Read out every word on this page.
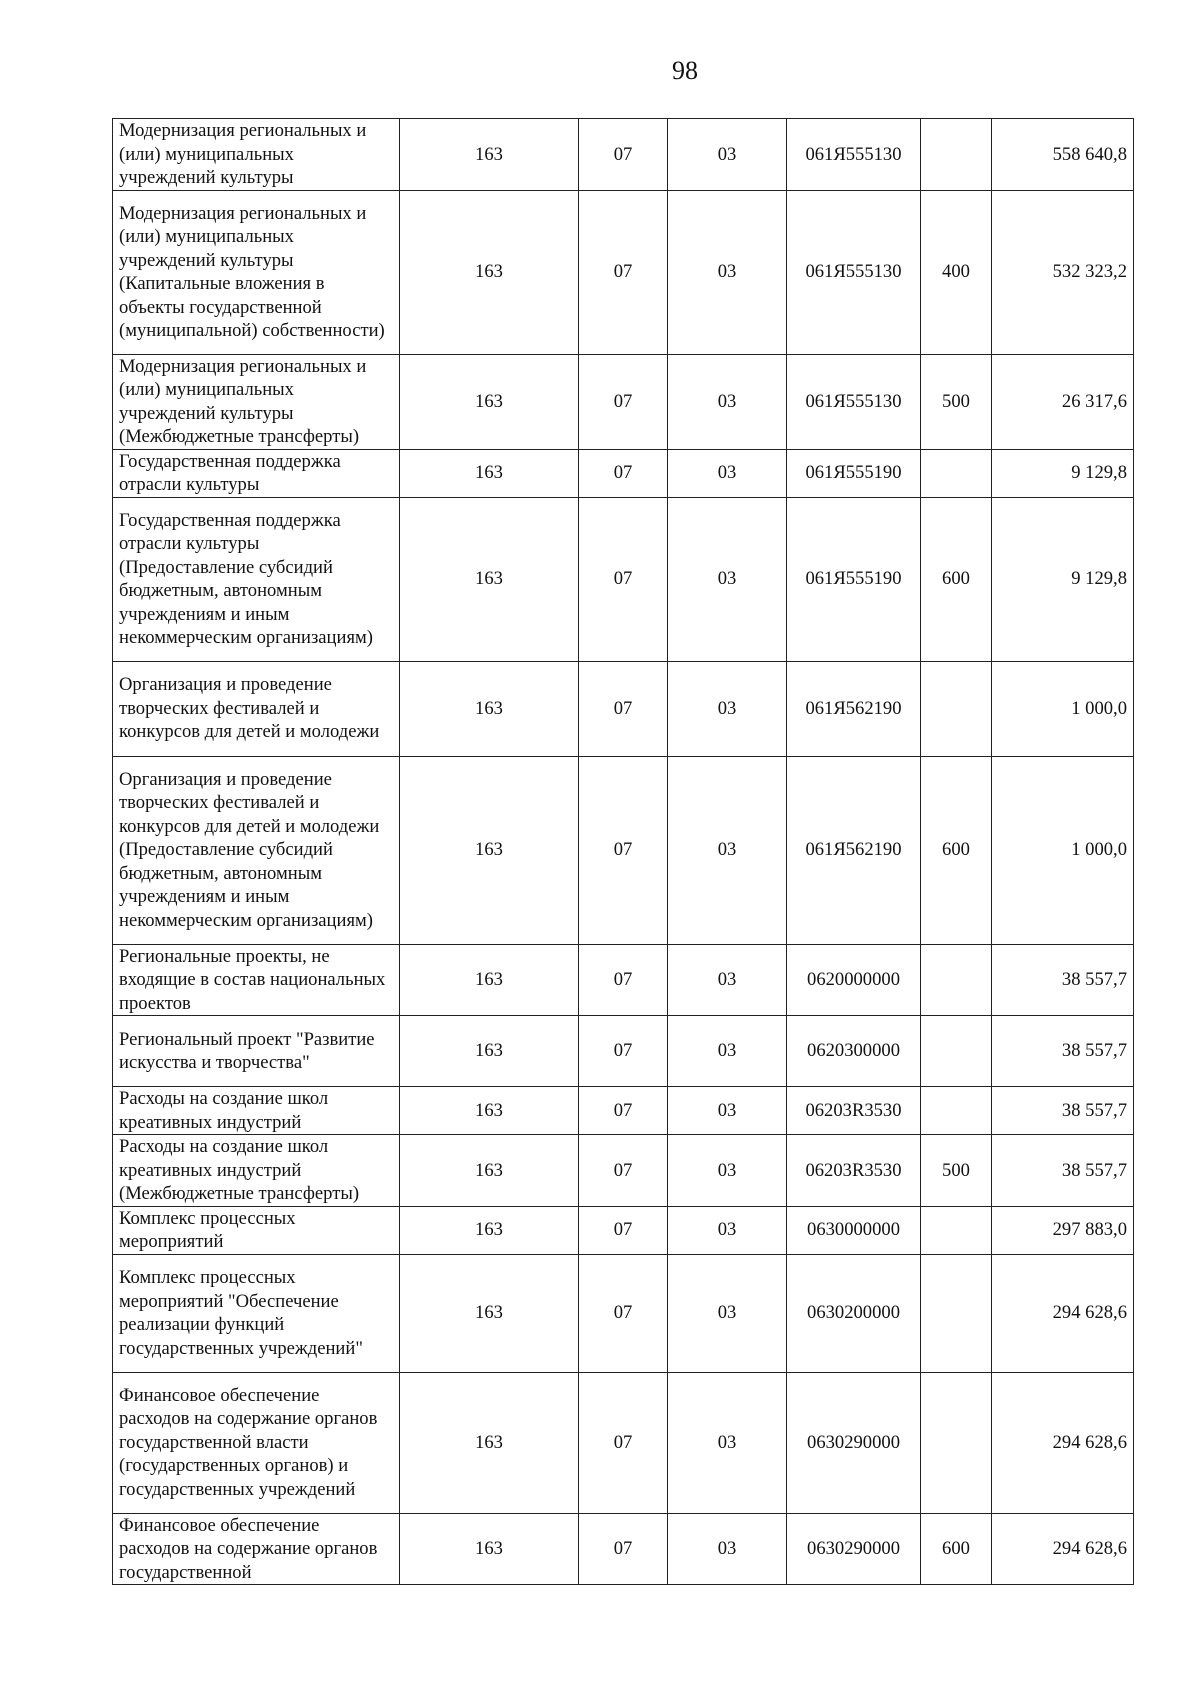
98
Модернизация региональных и (или) муниципальных учреждений культуры	163	07	03	061Я555130		558 640,8
Модернизация региональных и (или) муниципальных учреждений культуры (Капитальные вложения в объекты государственной (муниципальной) собственности)	163	07	03	061Я555130	400	532 323,2
Модернизация региональных и (или) муниципальных учреждений культуры (Межбюджетные трансферты)	163	07	03	061Я555130	500	26 317,6
Государственная поддержка отрасли культуры	163	07	03	061Я555190		9 129,8
Государственная поддержка отрасли культуры (Предоставление субсидий бюджетным, автономным учреждениям и иным некоммерческим организациям)	163	07	03	061Я555190	600	9 129,8
Организация и проведение творческих фестивалей и конкурсов для детей и молодежи	163	07	03	061Я562190		1 000,0
Организация и проведение творческих фестивалей и конкурсов для детей и молодежи (Предоставление субсидий бюджетным, автономным учреждениям и иным некоммерческим организациям)	163	07	03	061Я562190	600	1 000,0
Региональные проекты, не входящие в состав национальных проектов	163	07	03	0620000000		38 557,7
Региональный проект "Развитие искусства и творчества"	163	07	03	0620300000		38 557,7
Расходы на создание школ креативных индустрий	163	07	03	06203R3530		38 557,7
Расходы на создание школ креативных индустрий (Межбюджетные трансферты)	163	07	03	06203R3530	500	38 557,7
Комплекс процессных мероприятий	163	07	03	0630000000		297 883,0
Комплекс процессных мероприятий "Обеспечение реализации функций государственных учреждений"	163	07	03	0630200000		294 628,6
Финансовое обеспечение расходов на содержание органов государственной власти (государственных органов) и государственных учреждений	163	07	03	0630290000		294 628,6
Финансовое обеспечение расходов на содержание органов государственной	163	07	03	0630290000	600	294 628,6
